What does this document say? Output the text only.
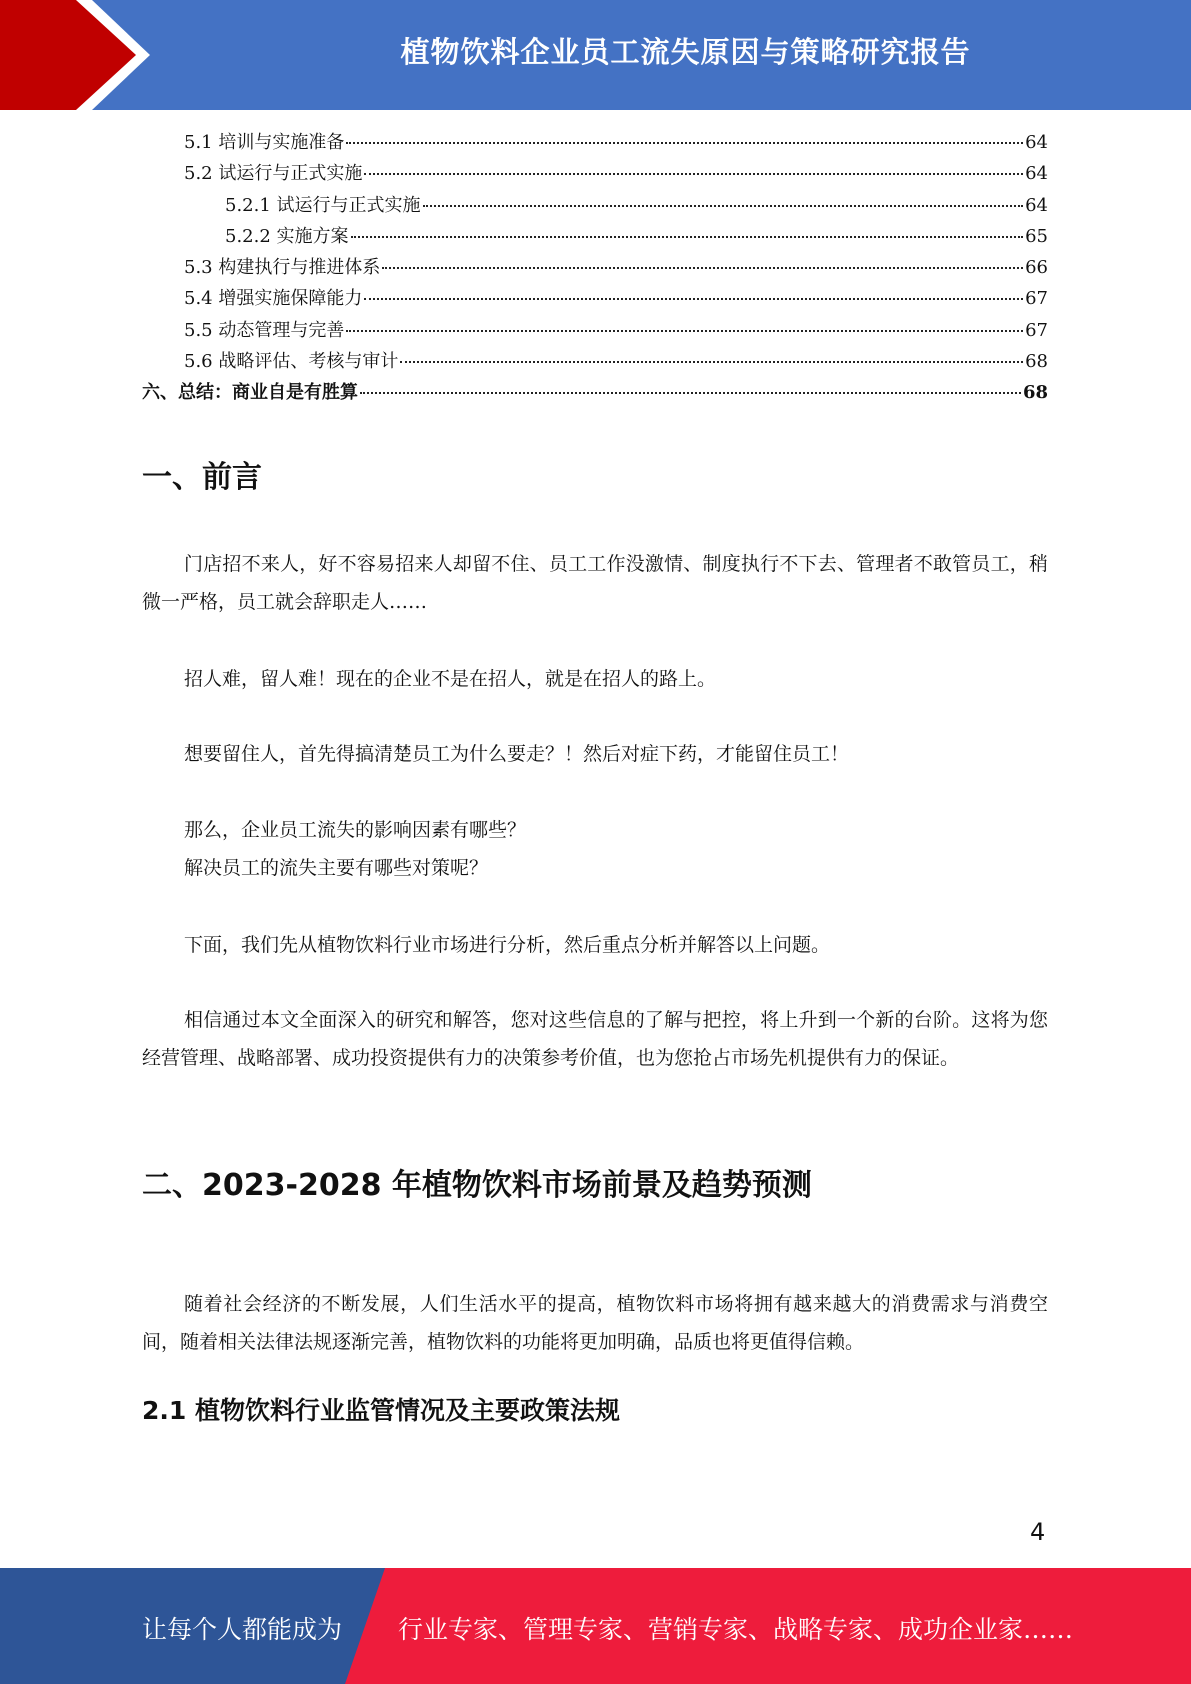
植物饮料企业员工流失原因与策略研究报告
5.1 培训与实施准备	64
5.2 试运行与正式实施	64
5.2.1 试运行与正式实施	64
5.2.2 实施方案	65
5.3 构建执行与推进体系	66
5.4 增强实施保障能力	67
5.5 动态管理与完善	67
5.6 战略评估、考核与审计	68
六、总结：商业自是有胜算	68
一、前言
门店招不来人，好不容易招来人却留不住、员工工作没激情、制度执行不下去、管理者不敢管员工，稍微一严格，员工就会辞职走人……
招人难，留人难！现在的企业不是在招人，就是在招人的路上。
想要留住人，首先得搞清楚员工为什么要走？！然后对症下药，才能留住员工！
那么，企业员工流失的影响因素有哪些？
解决员工的流失主要有哪些对策呢？
下面，我们先从植物饮料行业市场进行分析，然后重点分析并解答以上问题。
相信通过本文全面深入的研究和解答，您对这些信息的了解与把控，将上升到一个新的台阶。这将为您经营管理、战略部署、成功投资提供有力的决策参考价值，也为您抢占市场先机提供有力的保证。
二、2023-2028 年植物饮料市场前景及趋势预测
随着社会经济的不断发展，人们生活水平的提高，植物饮料市场将拥有越来越大的消费需求与消费空间，随着相关法律法规逐渐完善，植物饮料的功能将更加明确，品质也将更值得信赖。
2.1 植物饮料行业监管情况及主要政策法规
4
让每个人都能成为 行业专家、管理专家、营销专家、战略专家、成功企业家……
